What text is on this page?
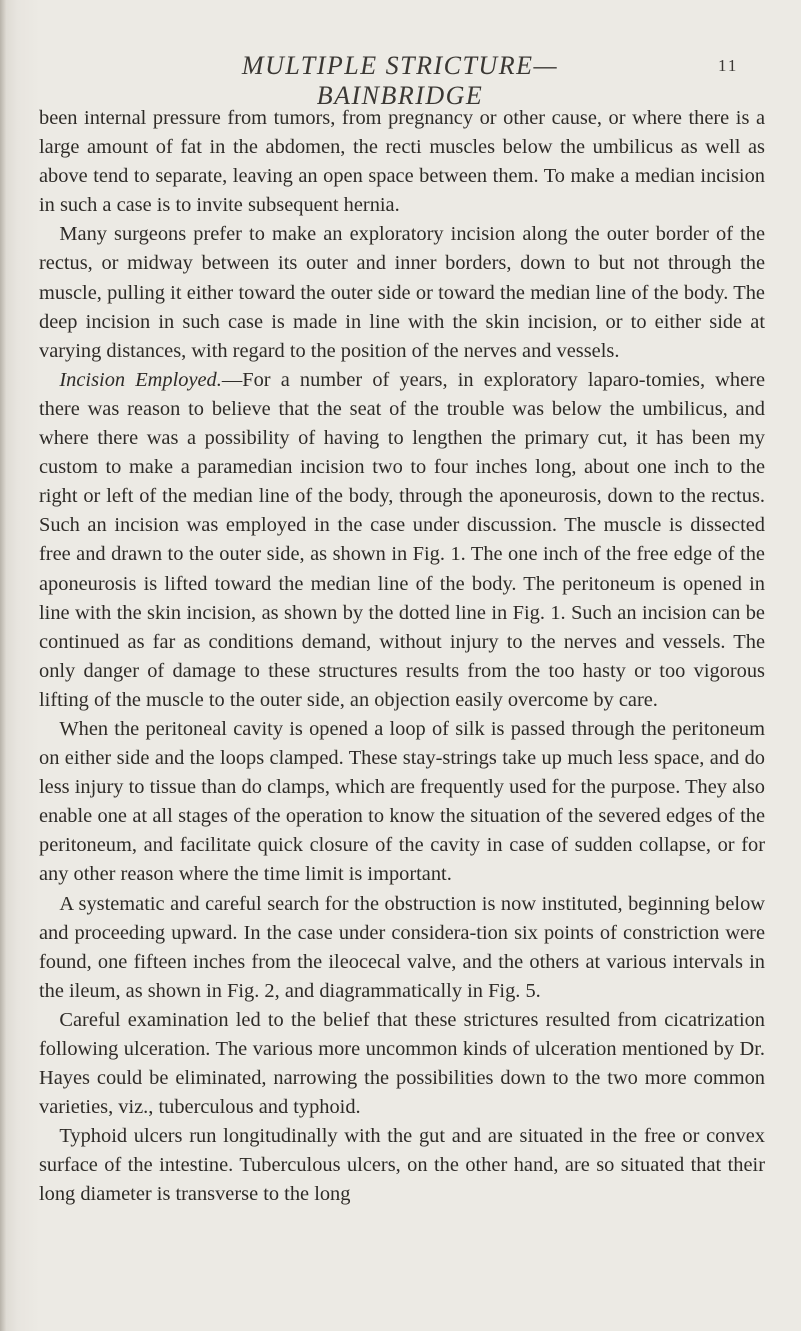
MULTIPLE STRICTURE—BAINBRIDGE
11

been internal pressure from tumors, from pregnancy or other cause, or where there is a large amount of fat in the abdomen, the recti muscles below the umbilicus as well as above tend to separate, leaving an open space between them. To make a median incision in such a case is to invite subsequent hernia.

Many surgeons prefer to make an exploratory incision along the outer border of the rectus, or midway between its outer and inner borders, down to but not through the muscle, pulling it either toward the outer side or toward the median line of the body. The deep incision in such case is made in line with the skin incision, or to either side at varying distances, with regard to the position of the nerves and vessels.

Incision Employed.—For a number of years, in exploratory laparo-tomies, where there was reason to believe that the seat of the trouble was below the umbilicus, and where there was a possibility of having to lengthen the primary cut, it has been my custom to make a paramedian incision two to four inches long, about one inch to the right or left of the median line of the body, through the aponeurosis, down to the rectus. Such an incision was employed in the case under discussion. The muscle is dissected free and drawn to the outer side, as shown in Fig. 1. The one inch of the free edge of the aponeurosis is lifted toward the median line of the body. The peritoneum is opened in line with the skin incision, as shown by the dotted line in Fig. 1. Such an incision can be continued as far as conditions demand, without injury to the nerves and vessels. The only danger of damage to these structures results from the too hasty or too vigorous lifting of the muscle to the outer side, an objection easily overcome by care.

When the peritoneal cavity is opened a loop of silk is passed through the peritoneum on either side and the loops clamped. These stay-strings take up much less space, and do less injury to tissue than do clamps, which are frequently used for the purpose. They also enable one at all stages of the operation to know the situation of the severed edges of the peritoneum, and facilitate quick closure of the cavity in case of sudden collapse, or for any other reason where the time limit is important.

A systematic and careful search for the obstruction is now instituted, beginning below and proceeding upward. In the case under considera-tion six points of constriction were found, one fifteen inches from the ileocecal valve, and the others at various intervals in the ileum, as shown in Fig. 2, and diagrammatically in Fig. 5.

Careful examination led to the belief that these strictures resulted from cicatrization following ulceration. The various more uncommon kinds of ulceration mentioned by Dr. Hayes could be eliminated, narrowing the possibilities down to the two more common varieties, viz., tuberculous and typhoid.

Typhoid ulcers run longitudinally with the gut and are situated in the free or convex surface of the intestine. Tuberculous ulcers, on the other hand, are so situated that their long diameter is transverse to the long
